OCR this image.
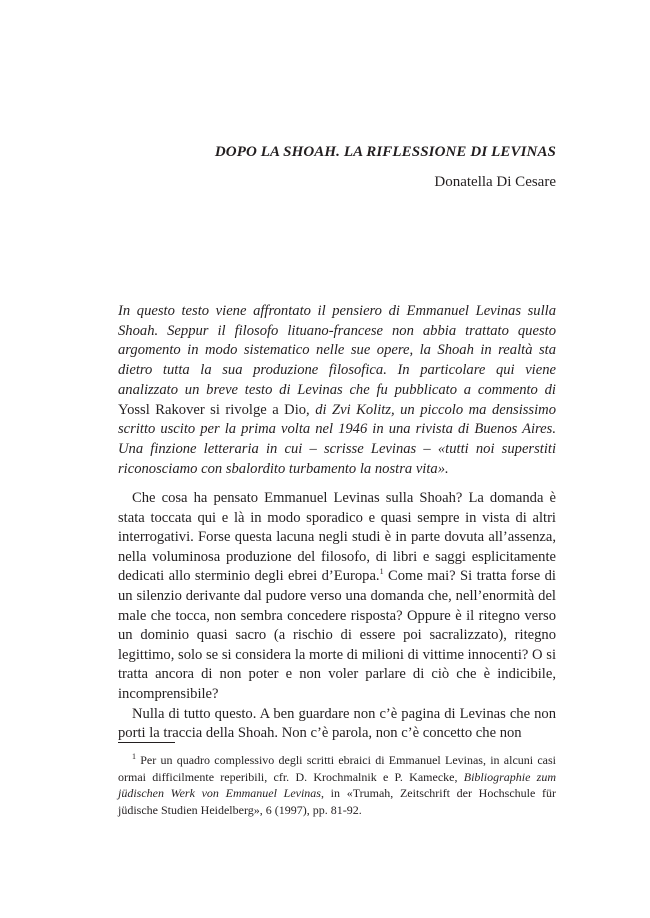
DOPO LA SHOAH. LA RIFLESSIONE DI LEVINAS
Donatella Di Cesare

In questo testo viene affrontato il pensiero di Emmanuel Levinas sulla Shoah. Seppur il filosofo lituano-francese non abbia trattato questo argomento in modo sistematico nelle sue opere, la Shoah in realtà sta dietro tutta la sua produzione filosofica. In particolare qui viene analizzato un breve testo di Levinas che fu pubblicato a commento di Yossl Rakover si rivolge a Dio, di Zvi Kolitz, un piccolo ma densissimo scritto uscito per la prima volta nel 1946 in una rivista di Buenos Aires. Una finzione letteraria in cui – scrisse Levinas – «tutti noi superstiti riconosciamo con sbalordito turbamento la nostra vita».

Che cosa ha pensato Emmanuel Levinas sulla Shoah? La domanda è stata toccata qui e là in modo sporadico e quasi sempre in vista di altri interrogativi. Forse questa lacuna negli studi è in parte dovuta all’assenza, nella voluminosa produzione del filosofo, di libri e saggi esplicitamente dedicati allo sterminio degli ebrei d’Europa.$^1$ Come mai? Si tratta forse di un silenzio derivante dal pudore verso una domanda che, nell’enormità del male che tocca, non sembra concedere risposta? Oppure è il ritegno verso un dominio quasi sacro (a rischio di essere poi sacralizzato), ritegno legittimo, solo se si considera la morte di milioni di vittime innocenti? O si tratta ancora di non poter e non voler parlare di ciò che è indicibile, incomprensibile?

Nulla di tutto questo. A ben guardare non c’è pagina di Levinas che non porti la traccia della Shoah. Non c’è parola, non c’è concetto che non

$^1$ Per un quadro complessivo degli scritti ebraici di Emmanuel Levinas, in alcuni casi ormai difficilmente reperibili, cfr. D. Krochmalnik e P. Kamecke, Bibliographie zum jüdischen Werk von Emmanuel Levinas, in «Trumah, Zeitschrift der Hochschule für jüdische Studien Heidelberg», 6 (1997), pp. 81-92.
